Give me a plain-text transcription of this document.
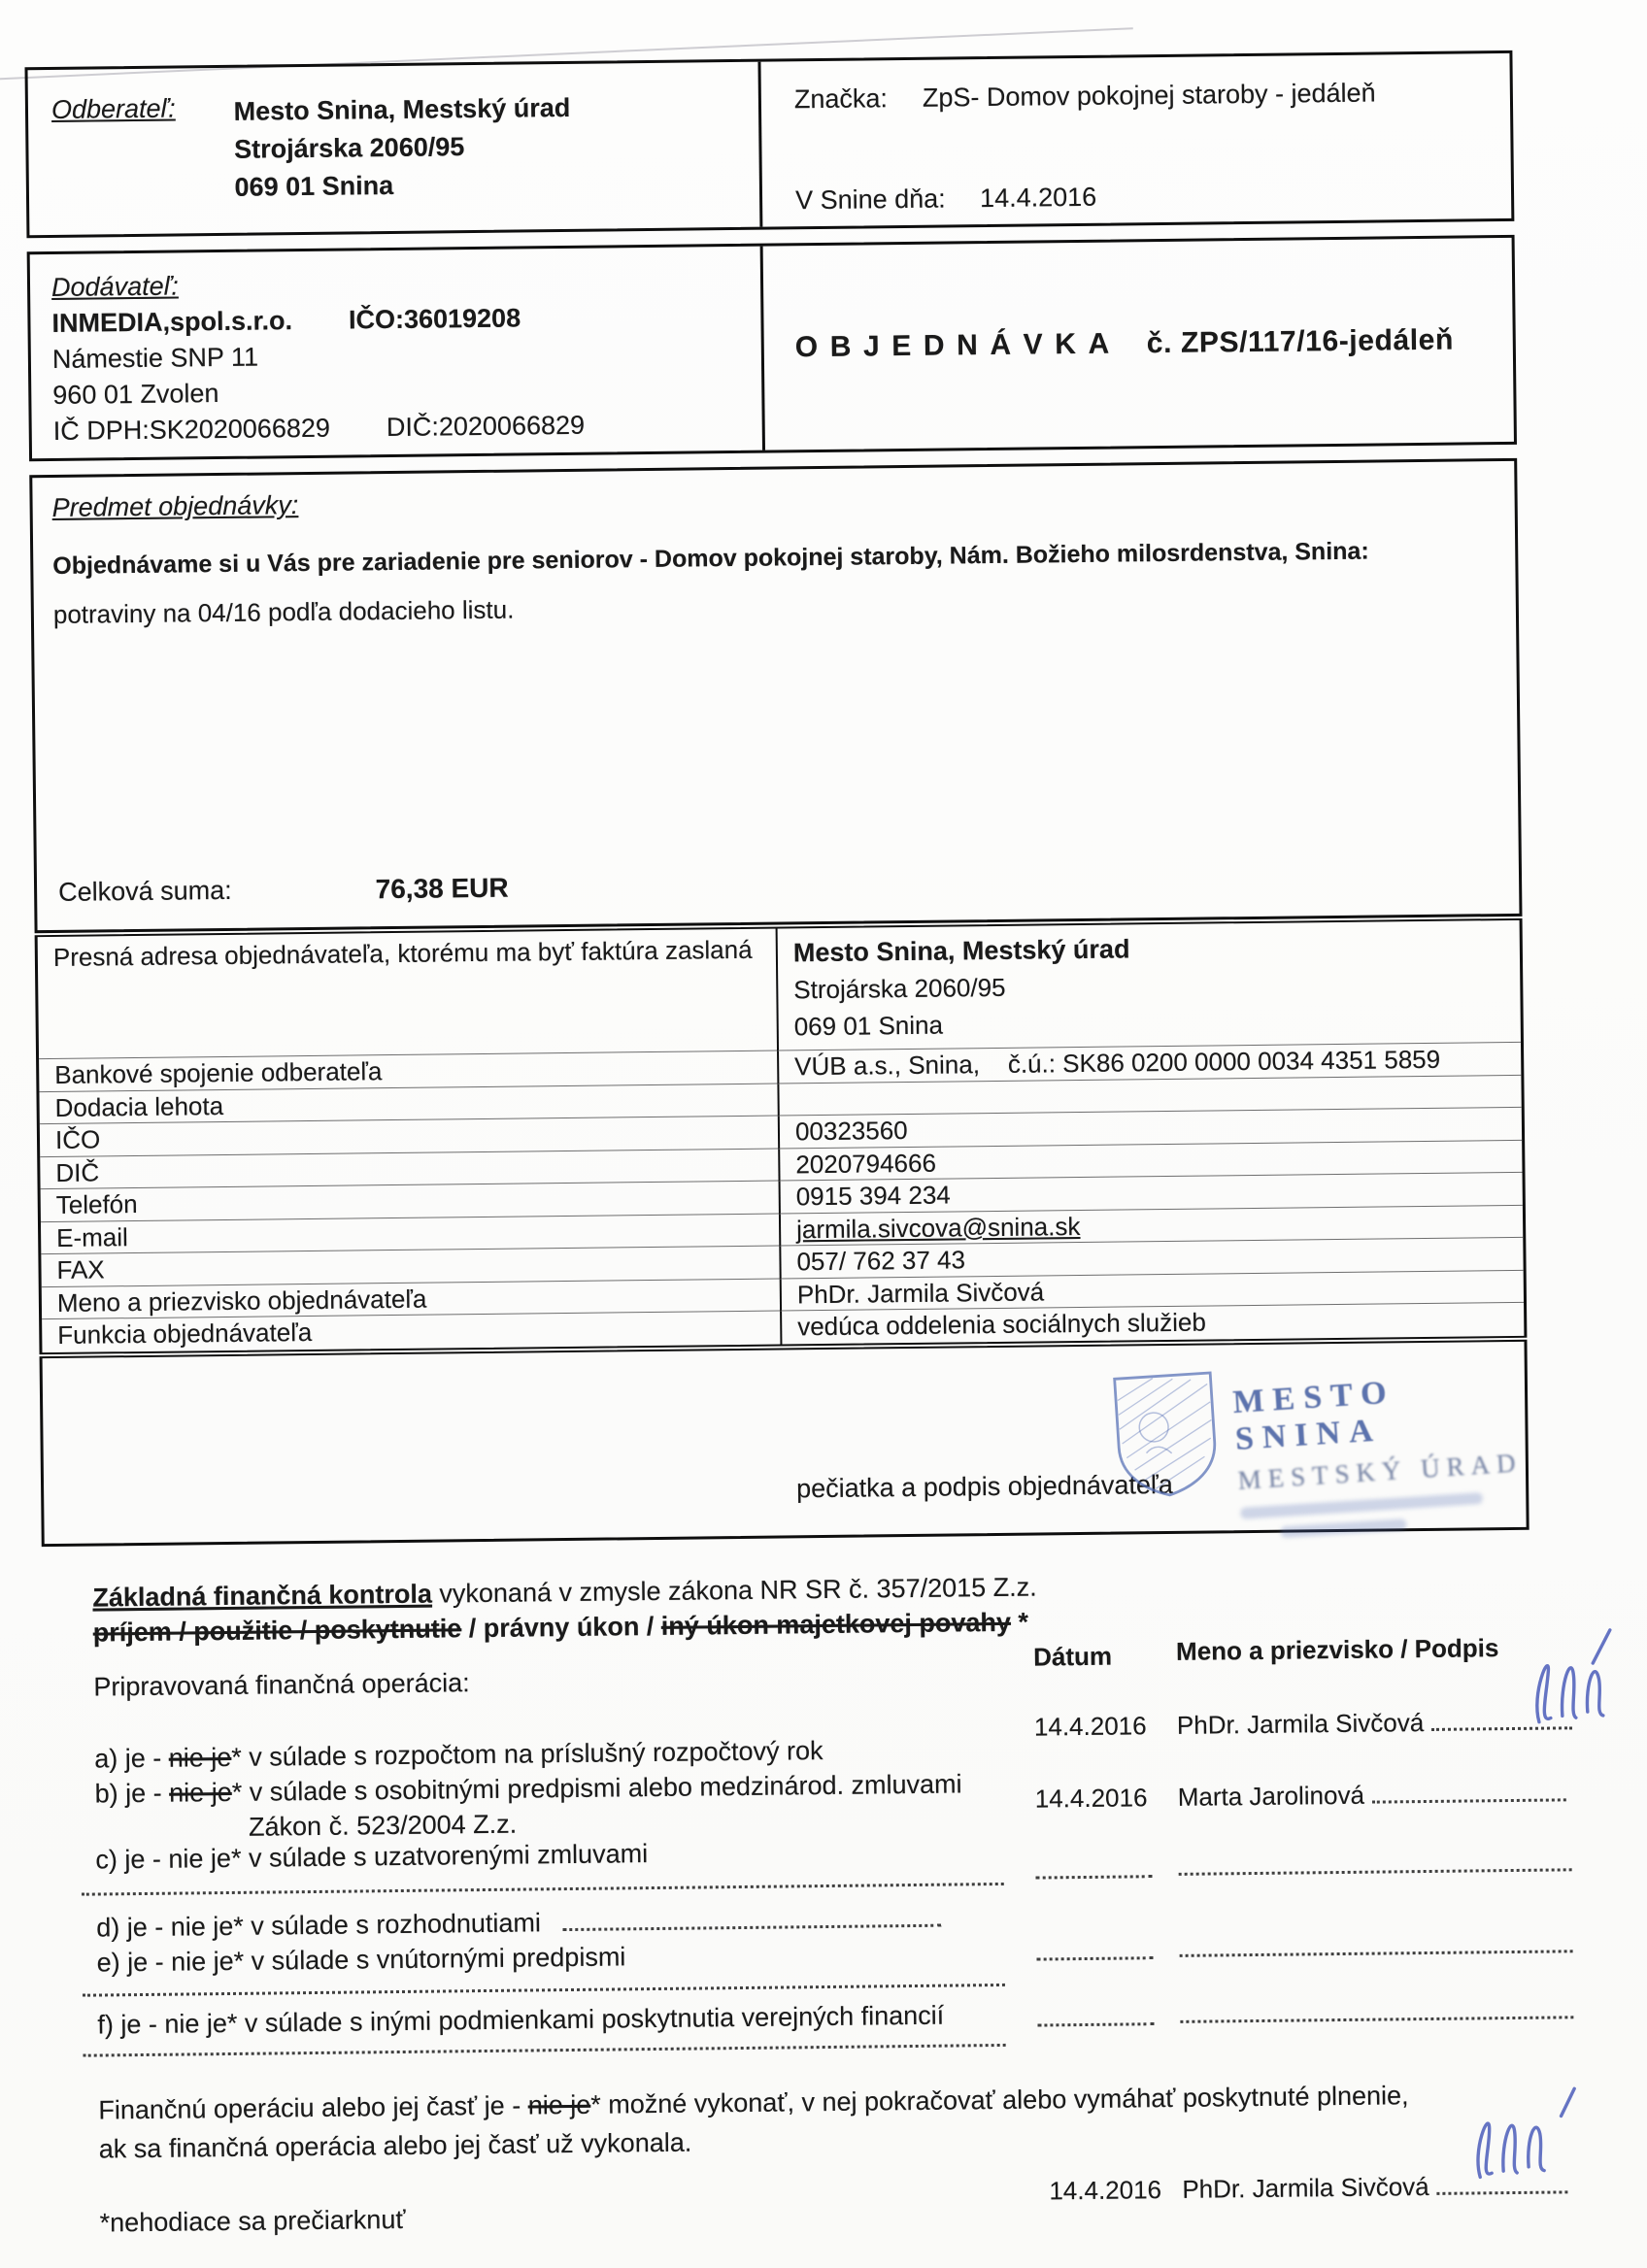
Odberateľ: Mesto Snina, Mestský úrad
Strojárska 2060/95
069 01 Snina
Značka:	ZpS- Domov pokojnej staroby - jedáleň
V Snine dňa:	14.4.2016
Dodávateľ:
INMEDIA,spol.s.r.o. IČO:36019208
Námestie SNP 11
960 01 Zvolen
IČ DPH:SK2020066829 DIČ:2020066829
OBJEDNÁVKA č. ZPS/117/16-jedáleň
Predmet objednávky:
Objednávame si u Vás pre zariadenie pre seniorov - Domov pokojnej staroby, Nám. Božieho milosrdenstva, Snina:
potraviny na 04/16 podľa dodacieho listu.
Celková suma:	76,38 EUR
Presná adresa objednávateľa, ktorému ma byť faktúra zaslaná	Mesto Snina, Mestský úrad
Strojárska 2060/95
069 01 Snina
Bankové spojenie odberateľa	VÚB a.s., Snina,    č.ú.: SK86 0200 0000 0034 4351 5859
Dodacia lehota
IČO	00323560
DIČ	2020794666
Telefón	0915 394 234
E-mail	jarmila.sivcova@snina.sk
FAX	057/ 762 37 43
Meno a priezvisko objednávateľa	PhDr. Jarmila Sivčová
Funkcia objednávateľa	vedúca oddelenia sociálnych služieb
pečiatka a podpis objednávateľa
MESTO SNINA
MESTSKÝ ÚRAD
Základná finančná kontrola vykonaná v zmysle zákona NR SR č. 357/2015 Z.z.
príjem / použitie / poskytnutie / právny úkon / iný úkon majetkovej povahy *
Pripravovaná finančná operácia:
Dátum	Meno a priezvisko / Podpis
a) je - nie je * v súlade s rozpočtom na príslušný rozpočtový rok
14.4.2016 PhDr. Jarmila Sivčová
b) je - nie je * v súlade s osobitnými predpismi alebo medzinárod. zmluvami
Zákon č. 523/2004 Z.z.
14.4.2016 Marta Jarolinová
c) je - nie je* v súlade s uzatvorenými zmluvami
d) je - nie je* v súlade s rozhodnutiami
e) je - nie je* v súlade s vnútornými predpismi
f) je - nie je* v súlade s inými podmienkami poskytnutia verejných financií
Finančnú operáciu alebo jej časť je - nie je * možné vykonať, v nej pokračovať alebo vymáhať poskytnuté plnenie,
ak sa finančná operácia alebo jej časť už vykonala.
14.4.2016 PhDr. Jarmila Sivčová
*nehodiace sa prečiarknuť
